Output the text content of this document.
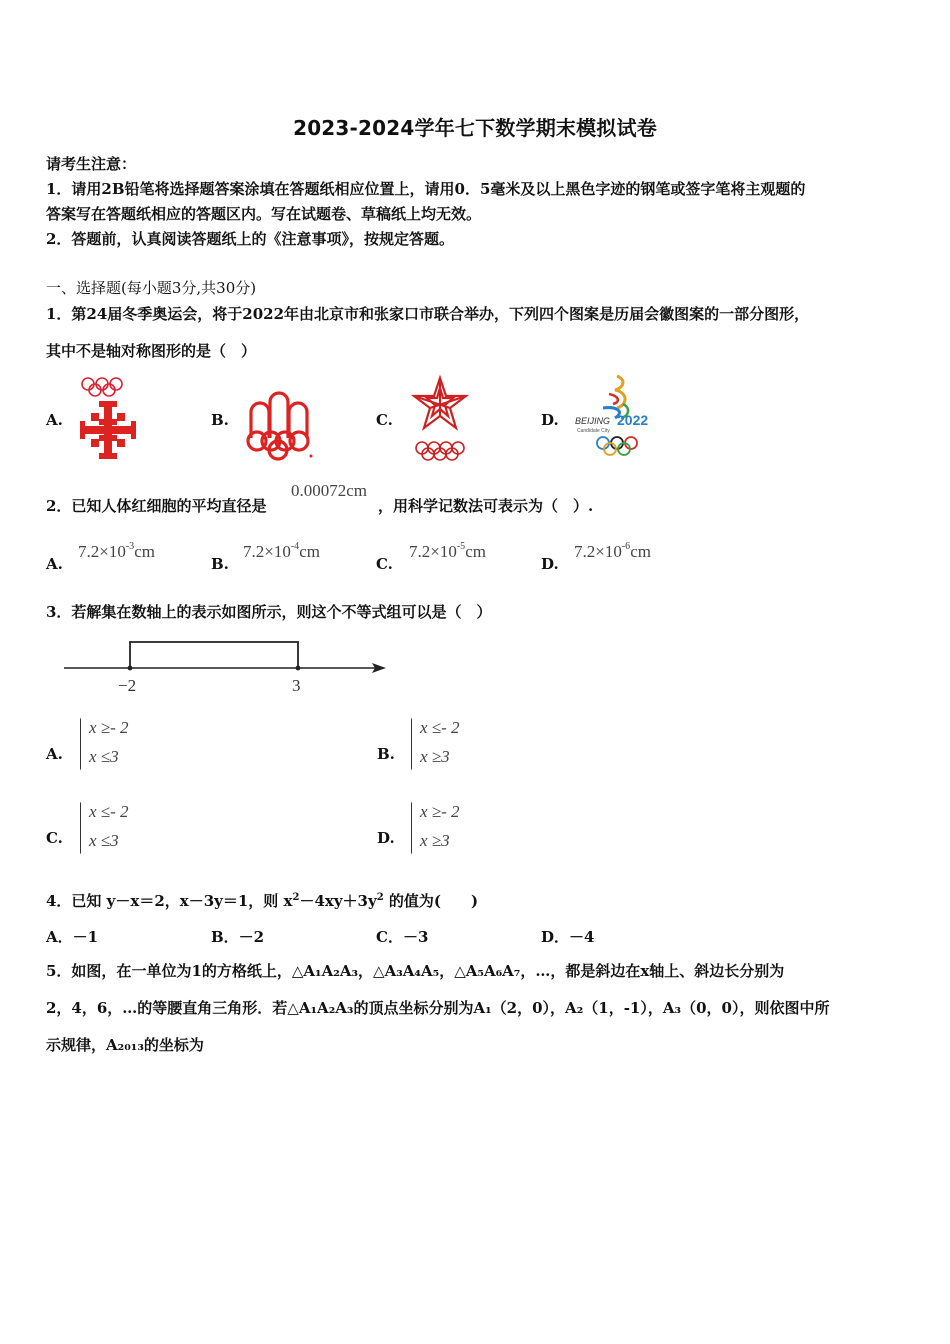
2023-2024学年七下数学期末模拟试卷
请考生注意：
1．请用2B铅笔将选择题答案涂填在答题纸相应位置上，请用0．5毫米及以上黑色字迹的钢笔或签字笔将主观题的
答案写在答题纸相应的答题区内。写在试题卷、草稿纸上均无效。
2．答题前，认真阅读答题纸上的《注意事项》，按规定答题。
一、选择题(每小题3分,共30分)
1．第24届冬季奥运会，将于2022年由北京市和张家口市联合举办，下列四个图案是历届会徽图案的一部分图形，
其中不是轴对称图形的是（　）
A.	B.	C.	D. BEIJING 2022
Candidate City
2．已知人体红细胞的平均直径是
0.00072cm
，用科学记数法可表示为（　）.
A.
$7.2\times 10^{-3}cm$
B.
$7.2\times 10^{-4}cm$
C.
$7.2\times 10^{-5}cm$
D.
$7.2\times 10^{-6}cm$
3．若解集在数轴上的表示如图所示，则这个不等式组可以是（　）
−2	3
A.
x ≥- 2
x ≤3	B.
x ≤- 2
x ≥3
C.
x ≤- 2
x ≤3	D.
x ≥- 2
x ≥3
4．已知 y－x＝2，x－3y＝1，则 $x^2-4xy+3y^2$ 的值为(　　)
A．－1	B．－2	C．－3	D．－4
5．如图，在一单位为1的方格纸上，△A₁A₂A₃，△A₃A₄A₅，△A₅A₆A₇，…，都是斜边在x轴上、斜边长分别为
2，4，6，…的等腰直角三角形．若△A₁A₂A₃的顶点坐标分别为A₁（2，0），A₂（1，-1），A₃（0，0），则依图中所
示规律，A₂₀₁₃的坐标为
